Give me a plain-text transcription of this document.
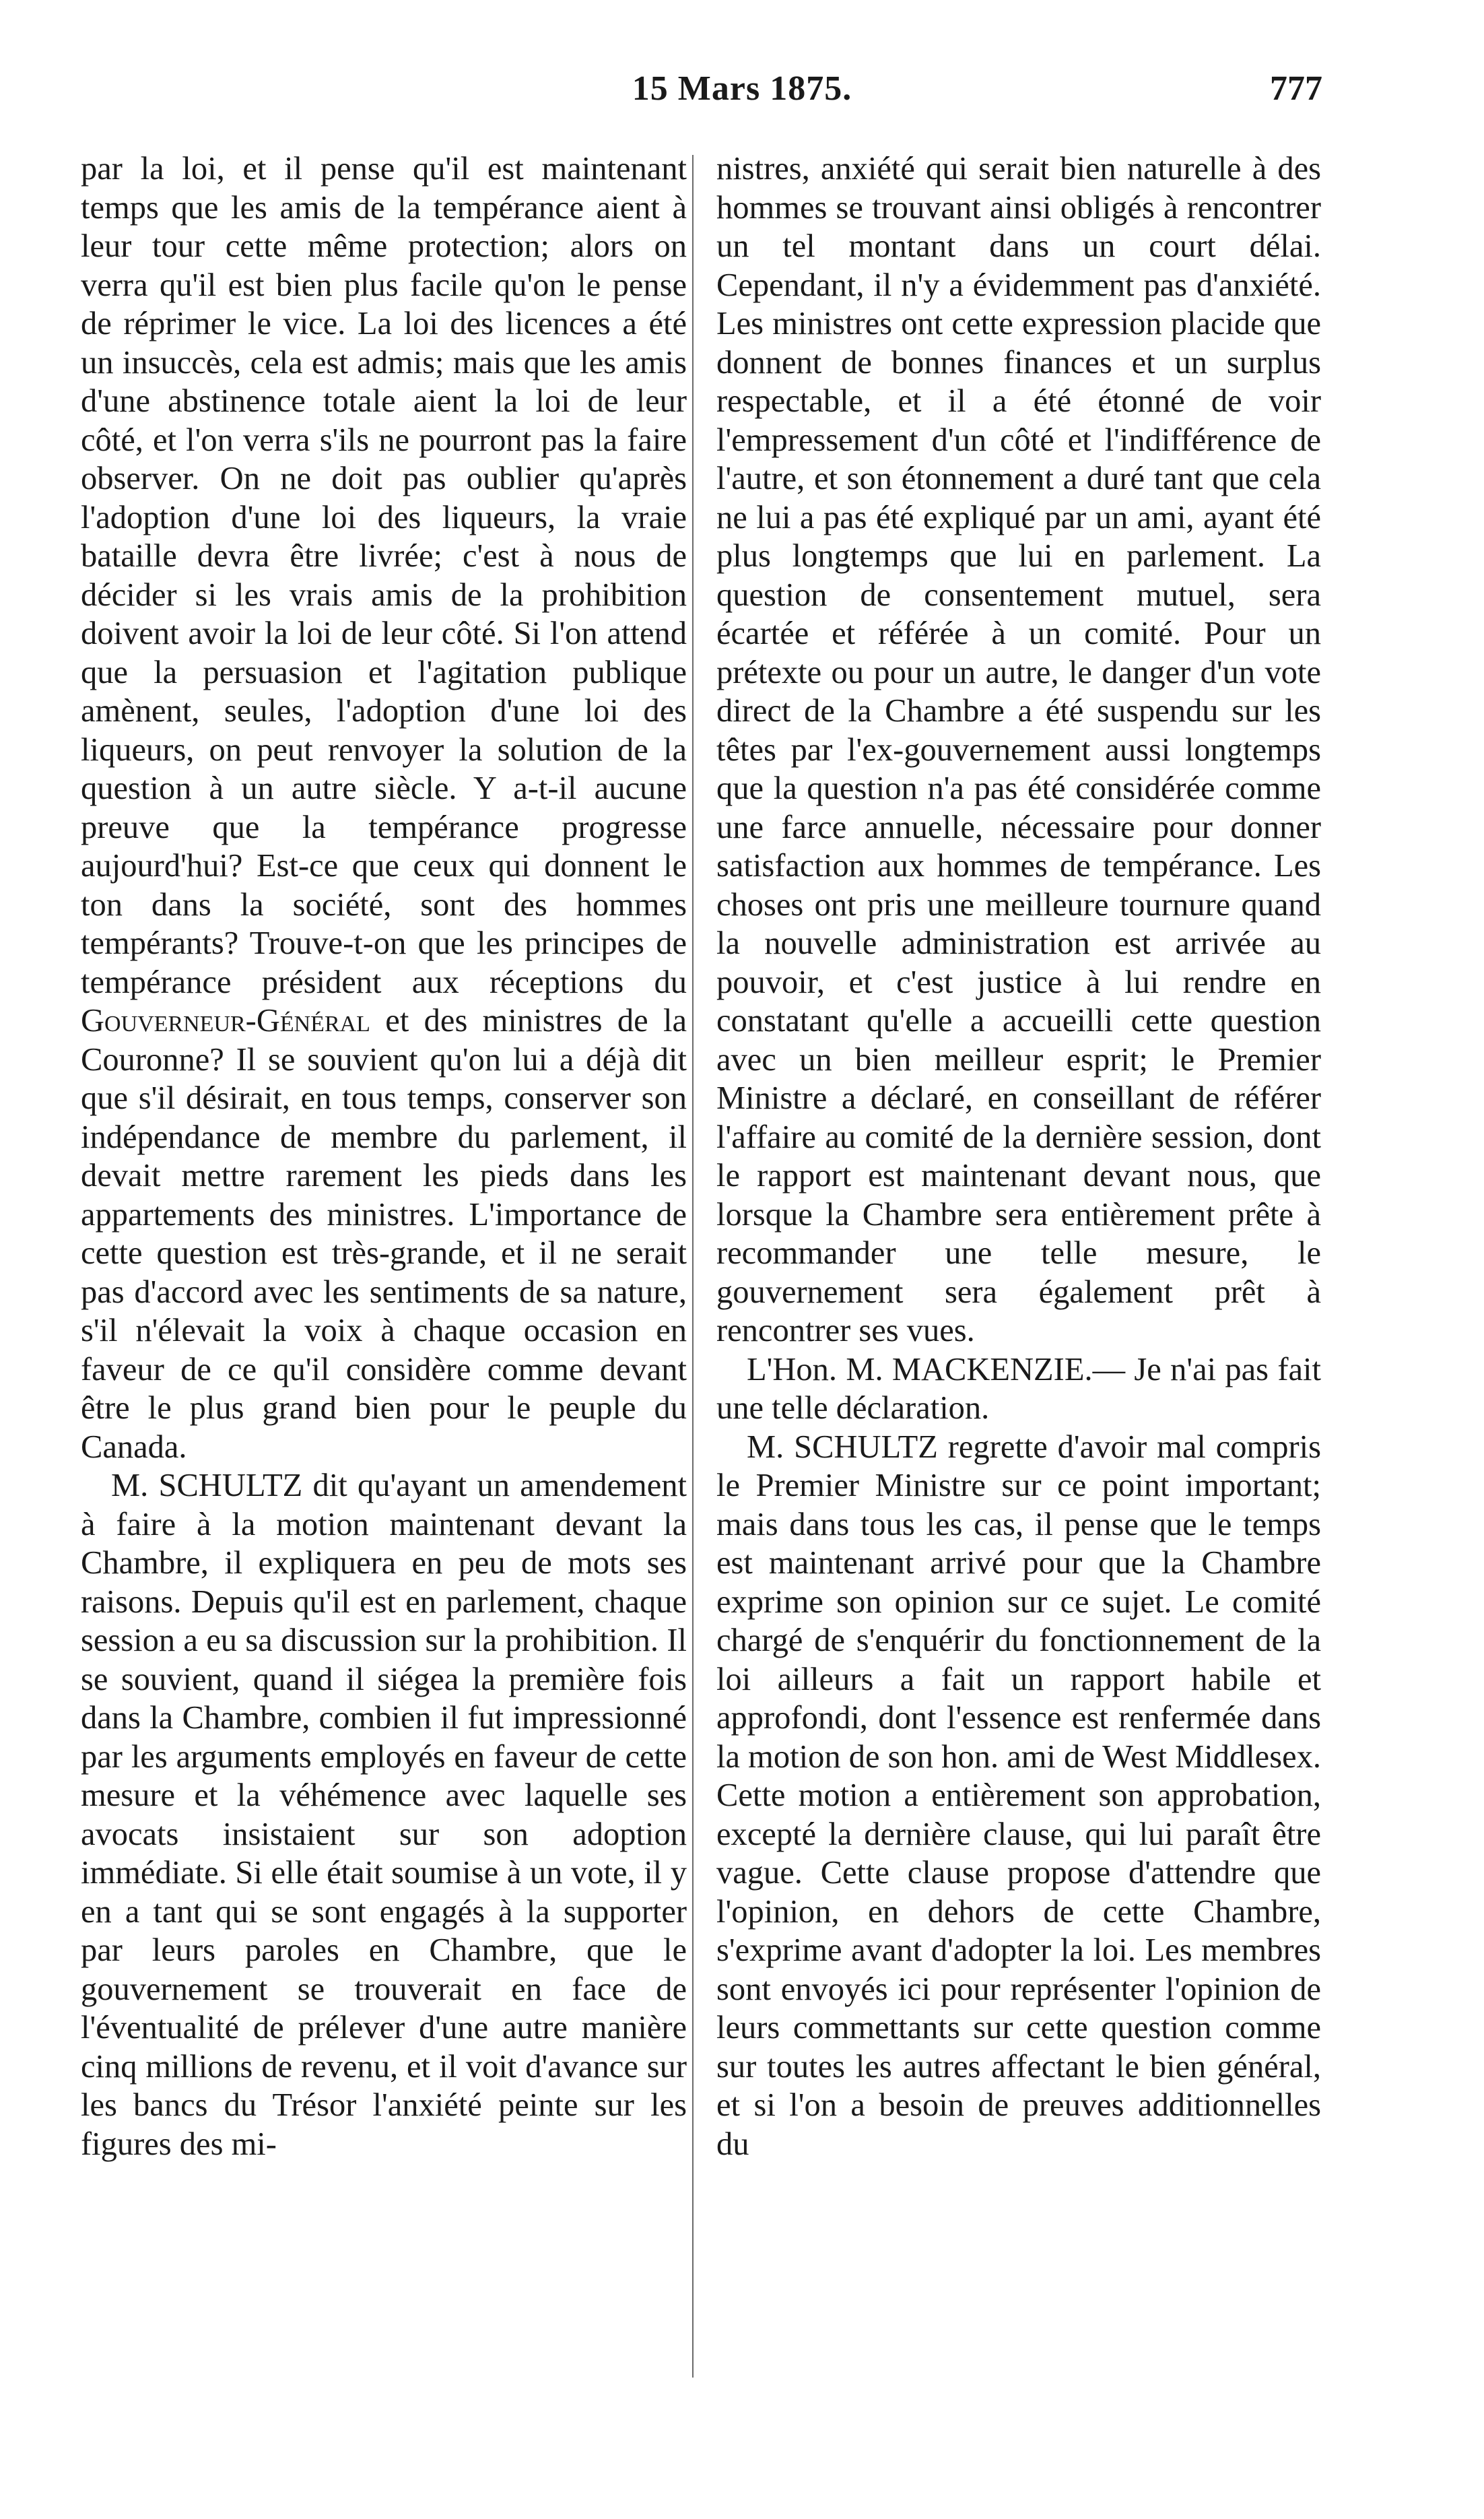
15 Mars 1875.	777

par la loi, et il pense qu'il est maintenant temps que les amis de la tempérance aient à leur tour cette même protection; alors on verra qu'il est bien plus facile qu'on le pense de réprimer le vice. La loi des licences a été un insuccès, cela est admis; mais que les amis d'une abstinence totale aient la loi de leur côté, et l'on verra s'ils ne pourront pas la faire observer. On ne doit pas oublier qu'après l'adoption d'une loi des liqueurs, la vraie bataille devra être livrée; c'est à nous de décider si les vrais amis de la prohibition doivent avoir la loi de leur côté. Si l'on attend que la persuasion et l'agitation publique amènent, seules, l'adoption d'une loi des liqueurs, on peut renvoyer la solution de la question à un autre siècle. Y a-t-il aucune preuve que la tempérance progresse aujourd'hui? Est-ce que ceux qui donnent le ton dans la société, sont des hommes tempérants? Trouve-t-on que les principes de tempérance président aux réceptions du Gouverneur-Général et des ministres de la Couronne? Il se souvient qu'on lui a déjà dit que s'il désirait, en tous temps, conserver son indépendance de membre du parlement, il devait mettre rarement les pieds dans les appartements des ministres. L'importance de cette question est très-grande, et il ne serait pas d'accord avec les sentiments de sa nature, s'il n'élevait la voix à chaque occasion en faveur de ce qu'il considère comme devant être le plus grand bien pour le peuple du Canada.

M. SCHULTZ dit qu'ayant un amendement à faire à la motion maintenant devant la Chambre, il expliquera en peu de mots ses raisons. Depuis qu'il est en parlement, chaque session a eu sa discussion sur la prohibition. Il se souvient, quand il siégea la première fois dans la Chambre, combien il fut impressionné par les arguments employés en faveur de cette mesure et la véhémence avec laquelle ses avocats insistaient sur son adoption immédiate. Si elle était soumise à un vote, il y en a tant qui se sont engagés à la supporter par leurs paroles en Chambre, que le gouvernement se trouverait en face de l'éventualité de prélever d'une autre manière cinq millions de revenu, et il voit d'avance sur les bancs du Trésor l'anxiété peinte sur les figures des mi-

nistres, anxiété qui serait bien naturelle à des hommes se trouvant ainsi obligés à rencontrer un tel montant dans un court délai. Cependant, il n'y a évidemment pas d'anxiété. Les ministres ont cette expression placide que donnent de bonnes finances et un surplus respectable, et il a été étonné de voir l'empressement d'un côté et l'indifférence de l'autre, et son étonnement a duré tant que cela ne lui a pas été expliqué par un ami, ayant été plus longtemps que lui en parlement. La question de consentement mutuel, sera écartée et référée à un comité. Pour un prétexte ou pour un autre, le danger d'un vote direct de la Chambre a été suspendu sur les têtes par l'ex-gouvernement aussi longtemps que la question n'a pas été considérée comme une farce annuelle, nécessaire pour donner satisfaction aux hommes de tempérance. Les choses ont pris une meilleure tournure quand la nouvelle administration est arrivée au pouvoir, et c'est justice à lui rendre en constatant qu'elle a accueilli cette question avec un bien meilleur esprit; le Premier Ministre a déclaré, en conseillant de référer l'affaire au comité de la dernière session, dont le rapport est maintenant devant nous, que lorsque la Chambre sera entièrement prête à recommander une telle mesure, le gouvernement sera également prêt à rencontrer ses vues.

L'Hon. M. MACKENZIE.— Je n'ai pas fait une telle déclaration.

M. SCHULTZ regrette d'avoir mal compris le Premier Ministre sur ce point important; mais dans tous les cas, il pense que le temps est maintenant arrivé pour que la Chambre exprime son opinion sur ce sujet. Le comité chargé de s'enquérir du fonctionnement de la loi ailleurs a fait un rapport habile et approfondi, dont l'essence est renfermée dans la motion de son hon. ami de West Middlesex. Cette motion a entièrement son approbation, excepté la dernière clause, qui lui paraît être vague. Cette clause propose d'attendre que l'opinion, en dehors de cette Chambre, s'exprime avant d'adopter la loi. Les membres sont envoyés ici pour représenter l'opinion de leurs commettants sur cette question comme sur toutes les autres affectant le bien général, et si l'on a besoin de preuves additionnelles du
